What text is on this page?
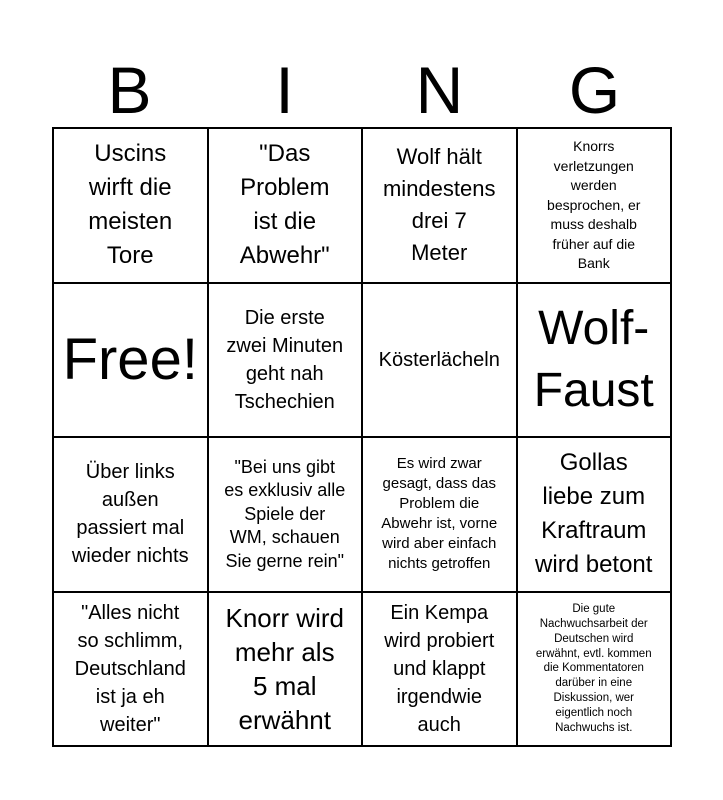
B	I	N	G
Uscins
wirft die
meisten
Tore
"Das
Problem
ist die
Abwehr"
Wolf hält
mindestens
drei 7
Meter
Knorrs
verletzungen
werden
besprochen, er
muss deshalb
früher auf die
Bank
Free!
Die erste
zwei Minuten
geht nah
Tschechien
Kösterlächeln
Wolf-
Faust
Über links
außen
passiert mal
wieder nichts
"Bei uns gibt
es exklusiv alle
Spiele der
WM, schauen
Sie gerne rein"
Es wird zwar
gesagt, dass das
Problem die
Abwehr ist, vorne
wird aber einfach
nichts getroffen
Gollas
liebe zum
Kraftraum
wird betont
"Alles nicht
so schlimm,
Deutschland
ist ja eh
weiter"
Knorr wird
mehr als
5 mal
erwähnt
Ein Kempa
wird probiert
und klappt
irgendwie
auch
Die gute
Nachwuchsarbeit der
Deutschen wird
erwähnt, evtl. kommen
die Kommentatoren
darüber in eine
Diskussion, wer
eigentlich noch
Nachwuchs ist.
